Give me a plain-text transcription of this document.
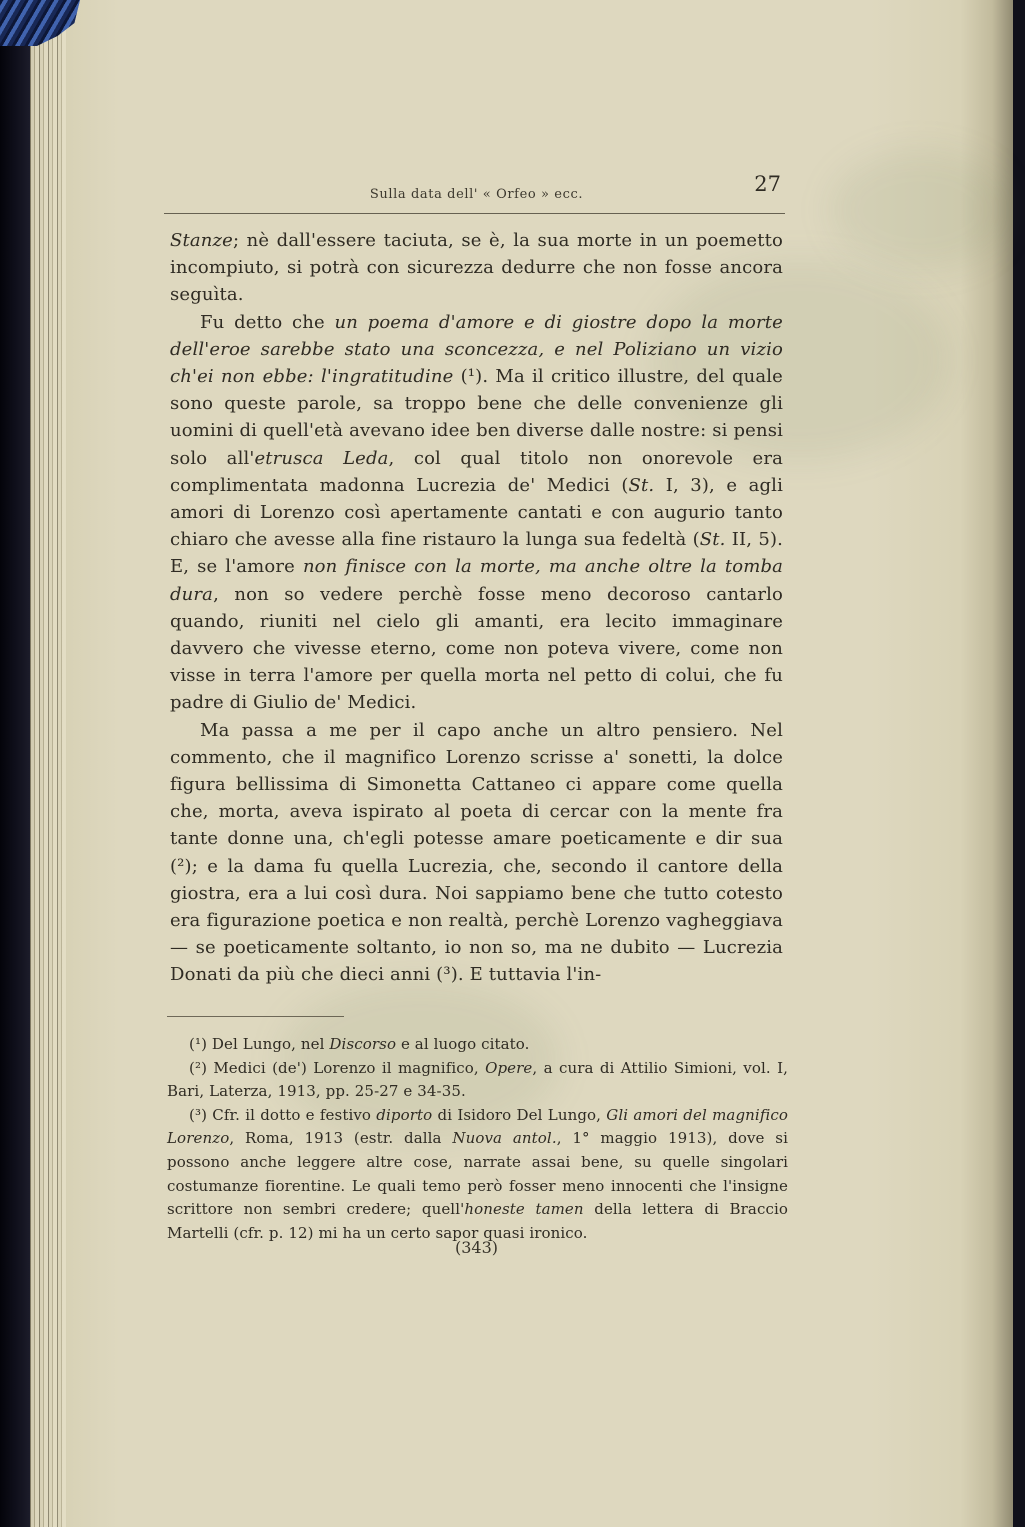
Sulla data dell' « Orfeo » ecc.	27

Stanze; nè dall'essere taciuta, se è, la sua morte in un poemetto incompiuto, si potrà con sicurezza dedurre che non fosse ancora seguìta.

Fu detto che un poema d'amore e di giostre dopo la morte dell'eroe sarebbe stato una sconcezza, e nel Poliziano un vizio ch'ei non ebbe: l'ingratitudine (¹). Ma il critico illustre, del quale sono queste parole, sa troppo bene che delle convenienze gli uomini di quell'età avevano idee ben diverse dalle nostre: si pensi solo all'etrusca Leda, col qual titolo non onorevole era complimentata madonna Lucrezia de' Medici (St. I, 3), e agli amori di Lorenzo così apertamente cantati e con augurio tanto chiaro che avesse alla fine ristauro la lunga sua fedeltà (St. II, 5). E, se l'amore non finisce con la morte, ma anche oltre la tomba dura, non so vedere perchè fosse meno decoroso cantarlo quando, riuniti nel cielo gli amanti, era lecito immaginare davvero che vivesse eterno, come non poteva vivere, come non visse in terra l'amore per quella morta nel petto di colui, che fu padre di Giulio de' Medici.

Ma passa a me per il capo anche un altro pensiero. Nel commento, che il magnifico Lorenzo scrisse a' sonetti, la dolce figura bellissima di Simonetta Cattaneo ci appare come quella che, morta, aveva ispirato al poeta di cercar con la mente fra tante donne una, ch'egli potesse amare poeticamente e dir sua (²); e la dama fu quella Lucrezia, che, secondo il cantore della giostra, era a lui così dura. Noi sappiamo bene che tutto cotesto era figurazione poetica e non realtà, perchè Lorenzo vagheggiava — se poeticamente soltanto, io non so, ma ne dubito — Lucrezia Donati da più che dieci anni (³). E tuttavia l'in-

(¹) Del Lungo, nel Discorso e al luogo citato.

(²) Medici (de') Lorenzo il magnifico, Opere, a cura di Attilio Simioni, vol. I, Bari, Laterza, 1913, pp. 25-27 e 34-35.

(³) Cfr. il dotto e festivo diporto di Isidoro Del Lungo, Gli amori del magnifico Lorenzo, Roma, 1913 (estr. dalla Nuova antol., 1° maggio 1913), dove si possono anche leggere altre cose, narrate assai bene, su quelle singolari costumanze fiorentine. Le quali temo però fosser meno innocenti che l'insigne scrittore non sembri credere; quell'honeste tamen della lettera di Braccio Martelli (cfr. p. 12) mi ha un certo sapor quasi ironico.

(343)
